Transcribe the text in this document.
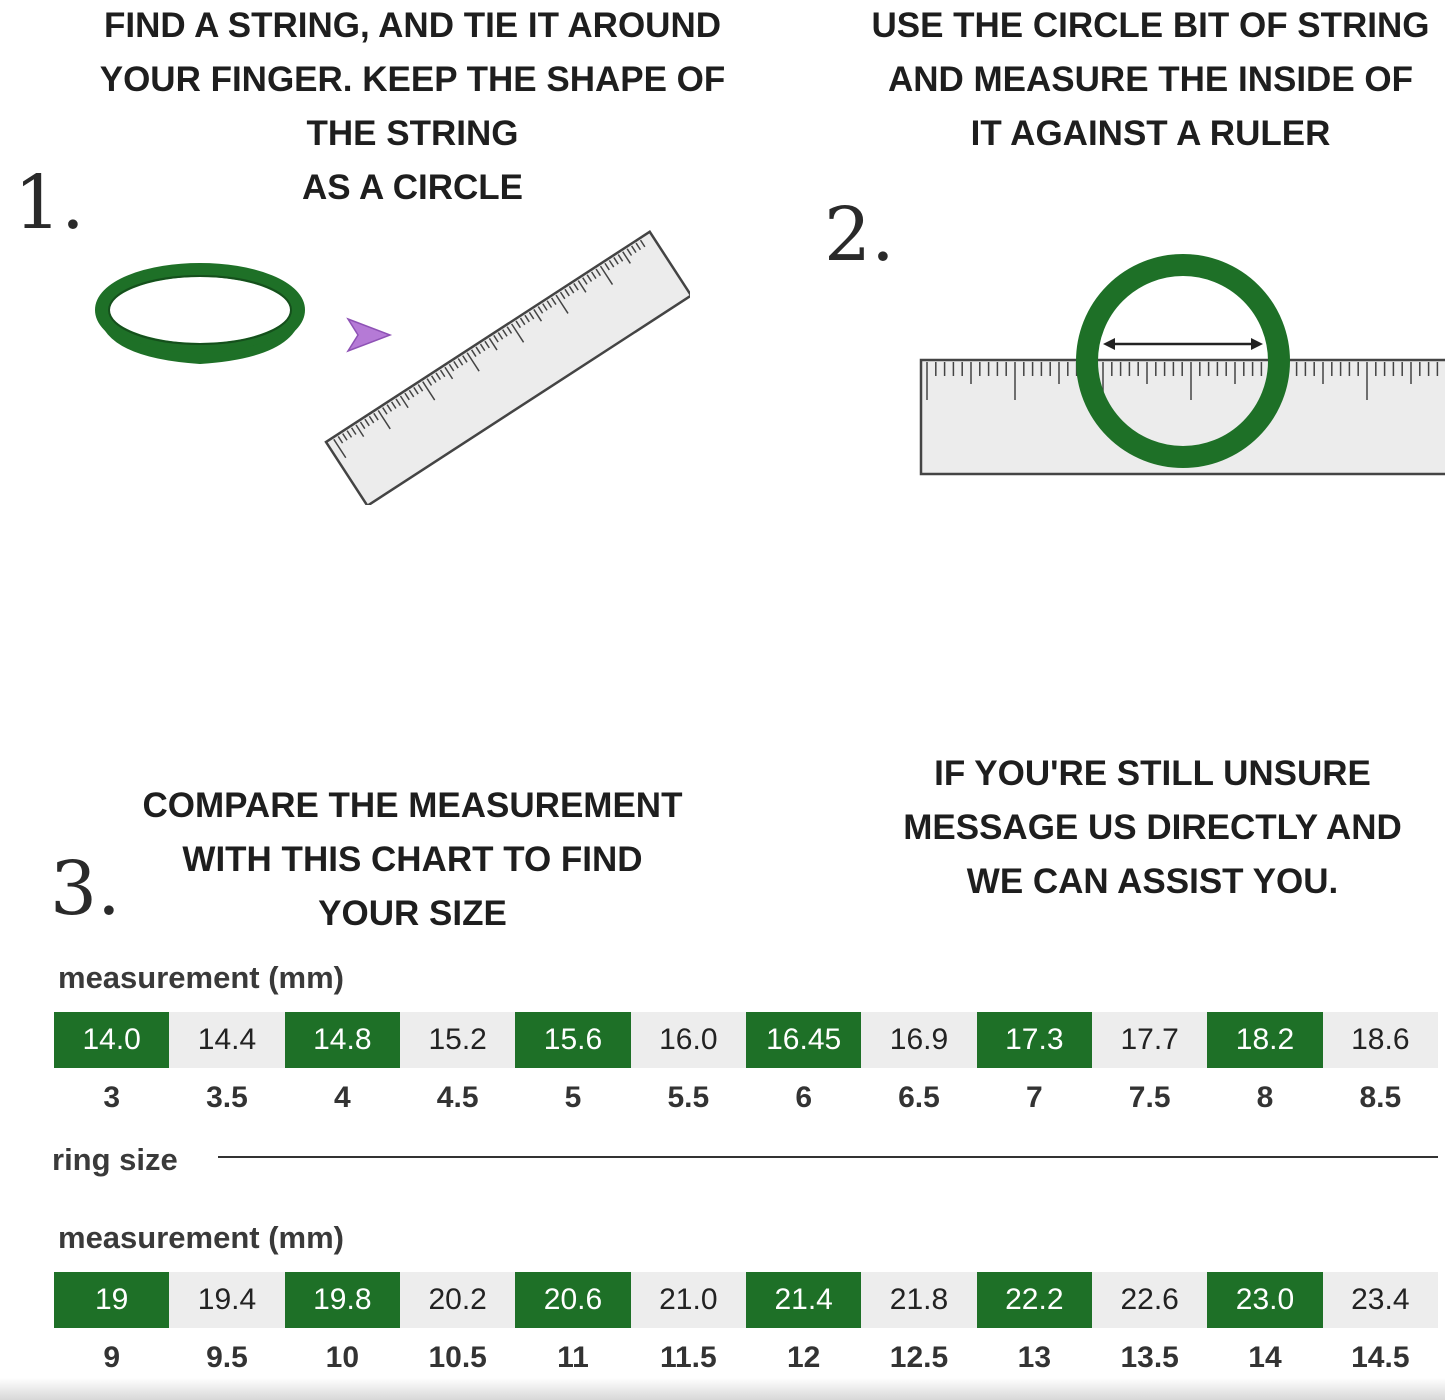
1.
FIND A STRING, AND TIE IT AROUND
YOUR FINGER. KEEP THE SHAPE OF
THE STRING
AS A CIRCLE
2.
USE THE CIRCLE BIT OF STRING
AND MEASURE THE INSIDE OF
IT AGAINST A RULER
3.
COMPARE THE MEASUREMENT
WITH THIS CHART TO FIND
YOUR SIZE
IF YOU'RE STILL UNSURE
MESSAGE US DIRECTLY AND
WE CAN ASSIST YOU.
measurement (mm)
14.0	14.4	14.8	15.2	15.6	16.0	16.45	16.9	17.3	17.7	18.2	18.6
3	3.5	4	4.5	5	5.5	6	6.5	7	7.5	8	8.5
ring size
measurement (mm)
19	19.4	19.8	20.2	20.6	21.0	21.4	21.8	22.2	22.6	23.0	23.4
9	9.5	10	10.5	11	11.5	12	12.5	13	13.5	14	14.5
